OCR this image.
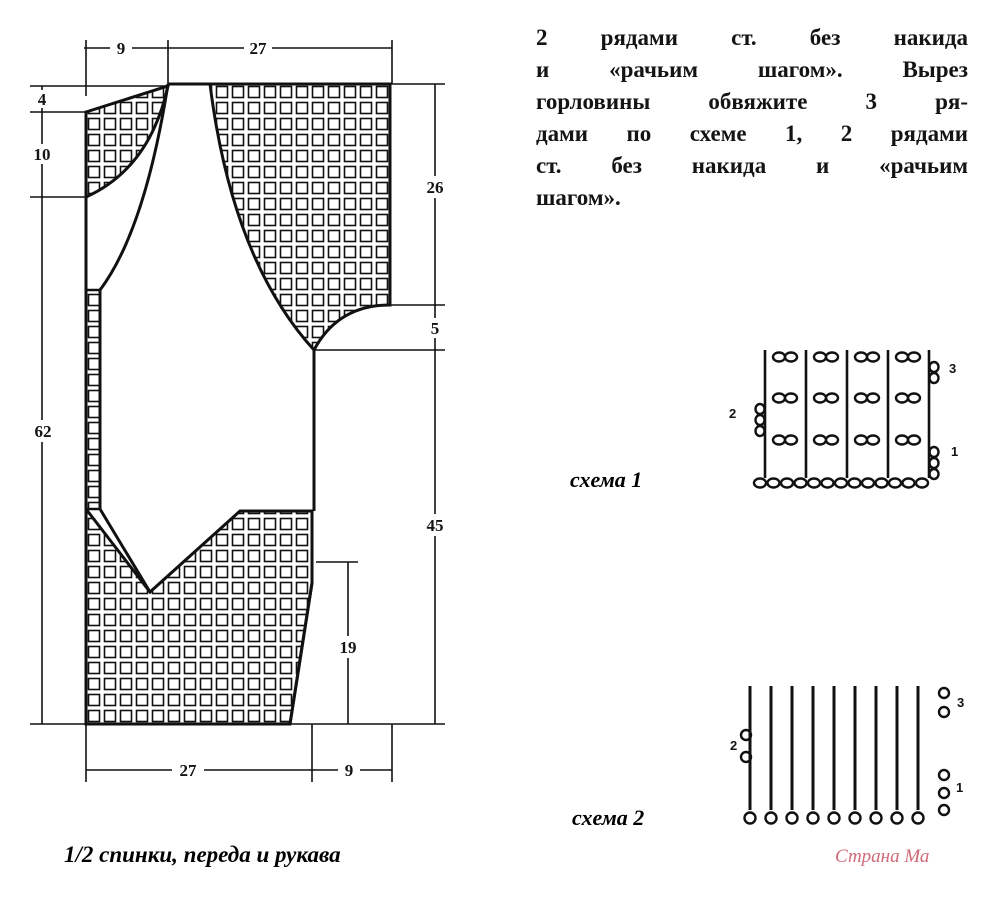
9	27
4
10
62
26
5
45
19
27	9
1/2 спинки, переда и рукава
схема 1
3
2
1
схема 2
3
2
1
Страна Ма
2 рядами ст. без накида
и «рачьим шагом». Вырез
горловины обвяжите 3 ря-
дами по схеме 1, 2 рядами
ст. без накида и «рачьим
шагом».
